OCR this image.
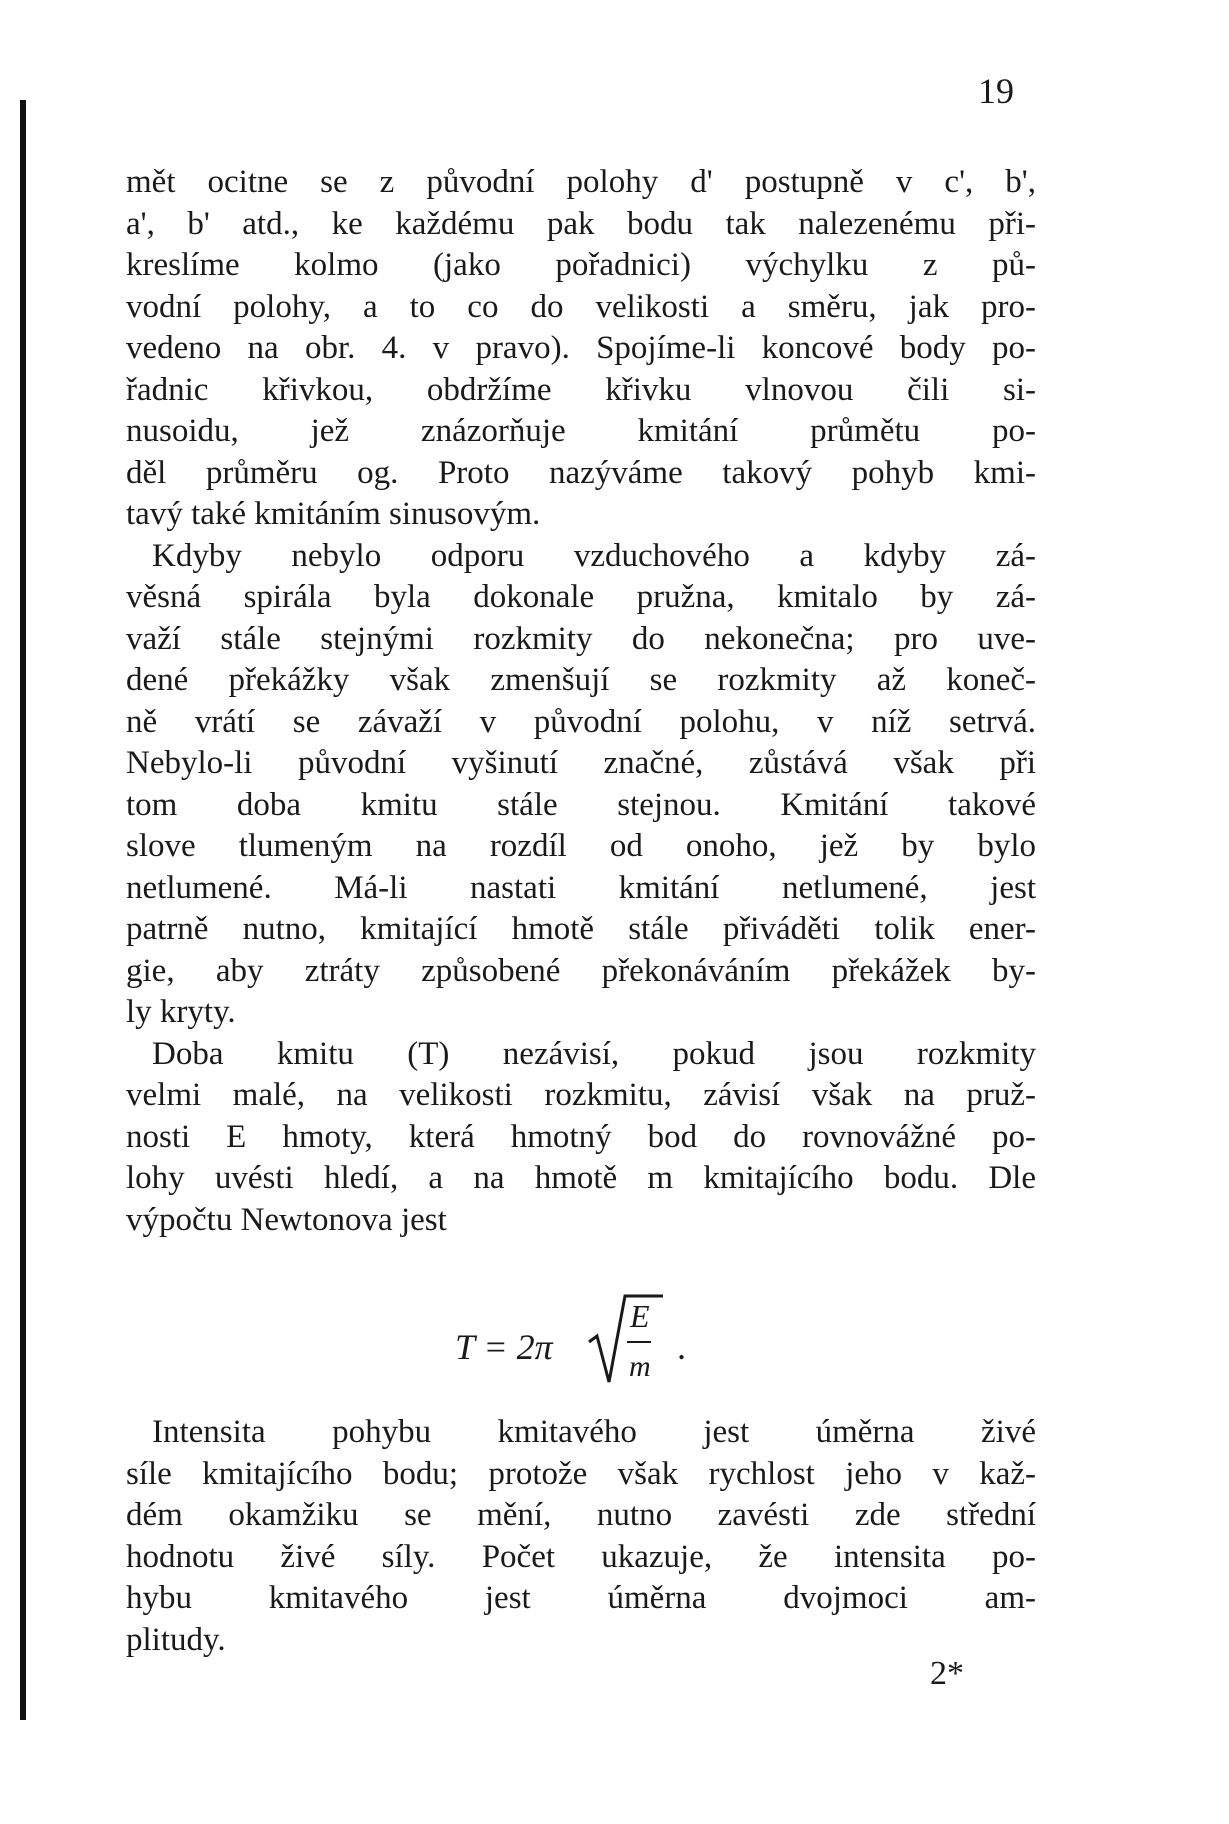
19
mět ocitne se z původní polohy d' postupně v c', b',
a', b' atd., ke každému pak bodu tak nalezenému při-
kreslíme kolmo (jako pořadnici) výchylku z pů-
vodní polohy, a to co do velikosti a směru, jak pro-
vedeno na obr. 4. v pravo). Spojíme-li koncové body po-
řadnic křivkou, obdržíme křivku vlnovou čili si-
nusoidu, jež znázorňuje kmitání průmětu po-
děl průměru og. Proto nazýváme takový pohyb kmi-
tavý také kmitáním sinusovým.
Kdyby nebylo odporu vzduchového a kdyby zá-
věsná spirála byla dokonale pružna, kmitalo by zá-
važí stále stejnými rozkmity do nekonečna; pro uve-
dené překážky však zmenšují se rozkmity až koneč-
ně vrátí se závaží v původní polohu, v níž setrvá.
Nebylo-li původní vyšinutí značné, zůstává však při
tom doba kmitu stále stejnou. Kmitání takové
slove tlumeným na rozdíl od onoho, jež by bylo
netlumené. Má-li nastati kmitání netlumené, jest
patrně nutno, kmitající hmotě stále přiváděti tolik ener-
gie, aby ztráty způsobené překonáváním překážek by-
ly kryty.
Doba kmitu (T) nezávisí, pokud jsou rozkmity
velmi malé, na velikosti rozkmitu, závisí však na pruž-
nosti E hmoty, která hmotný bod do rovnovážné po-
lohy uvésti hledí, a na hmotě m kmitajícího bodu. Dle
výpočtu Newtonova jest
T = 2π
E
m .
Intensita pohybu kmitavého jest úměrna živé
síle kmitajícího bodu; protože však rychlost jeho v kaž-
dém okamžiku se mění, nutno zavésti zde střední
hodnotu živé síly. Počet ukazuje, že intensita po-
hybu kmitavého jest úměrna dvojmoci am-
plitudy.
2*
